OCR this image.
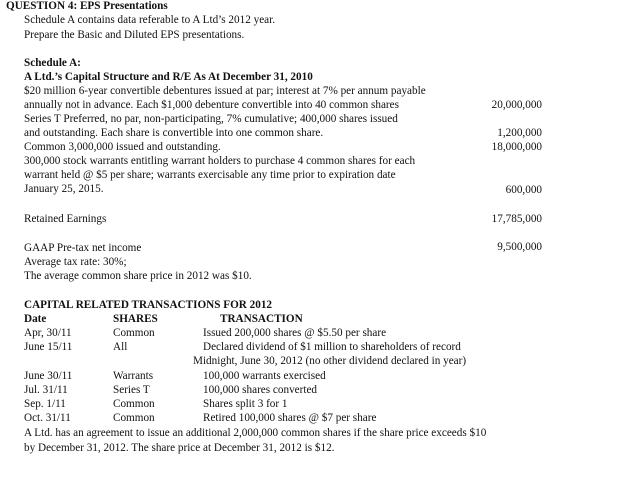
QUESTION 4: EPS Presentations
Schedule A contains data referable to A Ltd’s 2012 year.
Prepare the Basic and Diluted EPS presentations.
Schedule A:
A Ltd.’s Capital Structure and R/E As At December 31, 2010
$20 million 6-year convertible debentures issued at par; interest at 7% per annum payable
annually not in advance. Each $1,000 debenture convertible into 40 common shares	20,000,000
Series T Preferred, no par, non-participating, 7% cumulative; 400,000 shares issued
and outstanding. Each share is convertible into one common share.	1,200,000
Common 3,000,000 issued and outstanding.	18,000,000
300,000 stock warrants entitling warrant holders to purchase 4 common shares for each
warrant held @ $5 per share; warrants exercisable any time prior to expiration date
January 25, 2015.	600,000
Retained Earnings	17,785,000
GAAP Pre-tax net income	9,500,000
Average tax rate: 30%;
The average common share price in 2012 was $10.
CAPITAL RELATED TRANSACTIONS FOR 2012
Date	SHARES	TRANSACTION
Apr, 30/11	Common	Issued 200,000 shares @ $5.50 per share
June 15/11	All	Declared dividend of $1 million to shareholders of record
Midnight, June 30, 2012 (no other dividend declared in year)
June 30/11	Warrants	100,000 warrants exercised
Jul. 31/11	Series T	100,000 shares converted
Sep. 1/11	Common	Shares split 3 for 1
Oct. 31/11	Common	Retired 100,000 shares @ $7 per share
A Ltd. has an agreement to issue an additional 2,000,000 common shares if the share price exceeds $10
by December 31, 2012. The share price at December 31, 2012 is $12.
